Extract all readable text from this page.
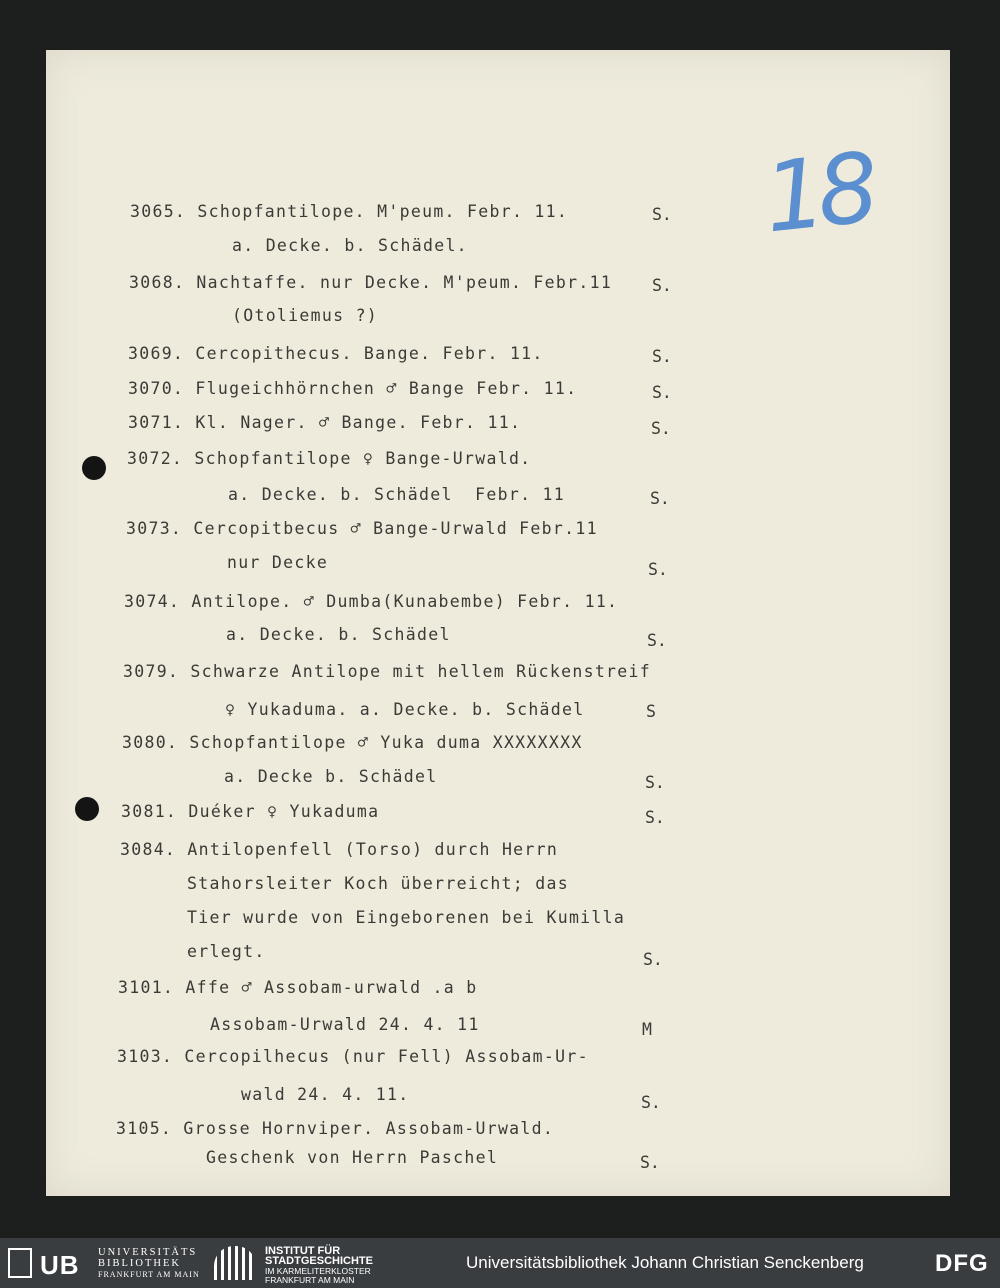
18
3065. Schopfantilope. M'peum. Febr. 11.	S.
a. Decke. b. Schädel.
3068. Nachtaffe. nur Decke. M'peum. Febr.11 S.
(Otoliemus ?)
3069. Cercopithecus. Bange. Febr. 11.	S.
3070. Flugeichhörnchen ♂ Bange Febr. 11.	S.
3071. Kl. Nager. ♂ Bange. Febr. 11.	S.
3072. Schopfantilope ♀ Bange-Urwald.
a. Decke. b. Schädel  Febr. 11	S.
3073. Cercopitbecus ♂ Bange-Urwald Febr.11
nur Decke	S.
3074. Antilope. ♂ Dumba(Kunabembe) Febr. 11.
a. Decke. b. Schädel	S.
3079. Schwarze Antilope mit hellem Rückenstreif
♀ Yukaduma. a. Decke. b. Schädel	S
3080. Schopfantilope ♂ Yuka duma XXXXXXXX
a. Decke b. Schädel	S.
3081. Duéker ♀ Yukaduma	S.
3084. Antilopenfell (Torso) durch Herrn
Stahorsleiter Koch überreicht; das
Tier wurde von Eingeborenen bei Kumilla
erlegt.	S.
3101. Affe ♂ Assobam-urwald .a b
Assobam-Urwald 24. 4. 11	M
3103. Cercopilhecus (nur Fell) Assobam-Ur-
wald 24. 4. 11.	S.
3105. Grosse Hornviper. Assobam-Urwald.
Geschenk von Herrn Paschel	S.
UB UNIVERSITÄTS
BIBLIOTHEK
FRANKFURT AM MAIN
INSTITUT FÜR
STADTGESCHICHTE
IM KARMELITERKLOSTER
FRANKFURT AM MAIN
Universitätsbibliothek Johann Christian Senckenberg	DFG
